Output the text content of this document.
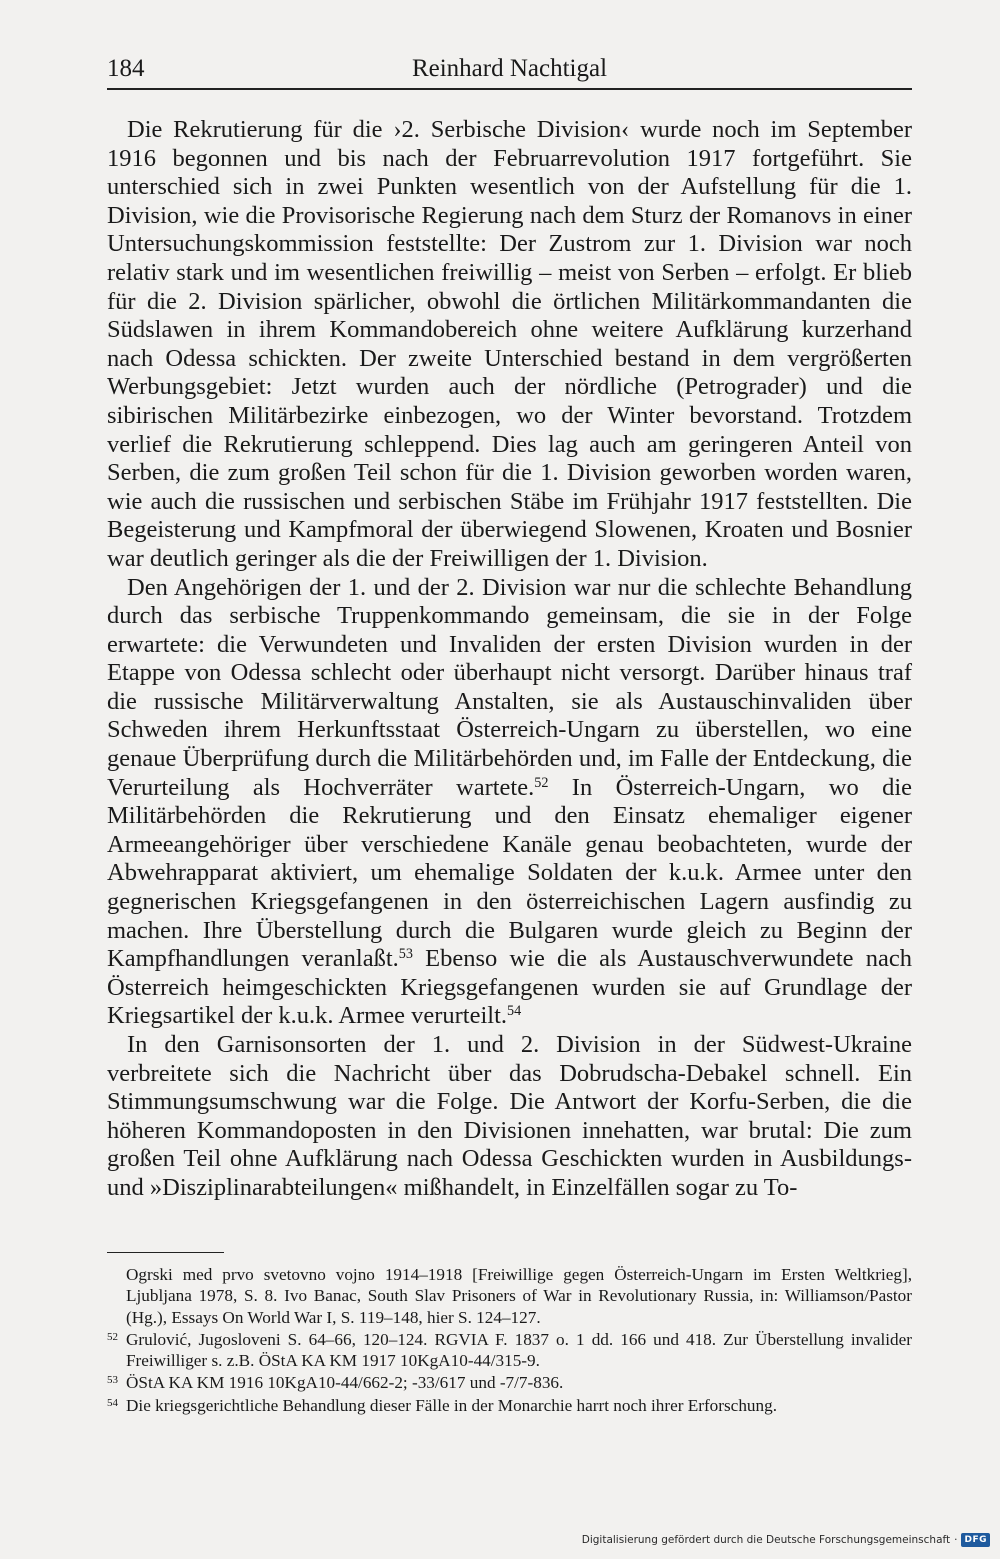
184	Reinhard Nachtigal

Die Rekrutierung für die ›2. Serbische Division‹ wurde noch im September 1916 begonnen und bis nach der Februarrevolution 1917 fortgeführt. Sie unterschied sich in zwei Punkten wesentlich von der Aufstellung für die 1. Division, wie die Provisorische Regierung nach dem Sturz der Romanovs in einer Untersuchungskommission feststellte: Der Zustrom zur 1. Division war noch relativ stark und im wesentlichen freiwillig – meist von Serben – erfolgt. Er blieb für die 2. Division spärlicher, obwohl die örtlichen Militärkommandanten die Südslawen in ihrem Kommandobereich ohne weitere Aufklärung kurzerhand nach Odessa schickten. Der zweite Unterschied bestand in dem vergrößerten Werbungsgebiet: Jetzt wurden auch der nördliche (Petrograder) und die sibirischen Militärbezirke einbezogen, wo der Winter bevorstand. Trotzdem verlief die Rekrutierung schleppend. Dies lag auch am geringeren Anteil von Serben, die zum großen Teil schon für die 1. Division geworben worden waren, wie auch die russischen und serbischen Stäbe im Frühjahr 1917 feststellten. Die Begeisterung und Kampfmoral der überwiegend Slowenen, Kroaten und Bosnier war deutlich geringer als die der Freiwilligen der 1. Division.

Den Angehörigen der 1. und der 2. Division war nur die schlechte Behandlung durch das serbische Truppenkommando gemeinsam, die sie in der Folge erwartete: die Verwundeten und Invaliden der ersten Division wurden in der Etappe von Odessa schlecht oder überhaupt nicht versorgt. Darüber hinaus traf die russische Militärverwaltung Anstalten, sie als Austauschinvaliden über Schweden ihrem Herkunftsstaat Österreich-Ungarn zu überstellen, wo eine genaue Überprüfung durch die Militärbehörden und, im Falle der Entdeckung, die Verurteilung als Hochverräter wartete.$^{52}$ In Österreich-Ungarn, wo die Militärbehörden die Rekrutierung und den Einsatz ehemaliger eigener Armeeangehöriger über verschiedene Kanäle genau beobachteten, wurde der Abwehrapparat aktiviert, um ehemalige Soldaten der k.u.k. Armee unter den gegnerischen Kriegsgefangenen in den österreichischen Lagern ausfindig zu machen. Ihre Überstellung durch die Bulgaren wurde gleich zu Beginn der Kampfhandlungen veranlaßt.$^{53}$ Ebenso wie die als Austauschverwundete nach Österreich heimgeschickten Kriegsgefangenen wurden sie auf Grundlage der Kriegsartikel der k.u.k. Armee verurteilt.$^{54}$

In den Garnisonsorten der 1. und 2. Division in der Südwest-Ukraine verbreitete sich die Nachricht über das Dobrudscha-Debakel schnell. Ein Stimmungsumschwung war die Folge. Die Antwort der Korfu-Serben, die die höheren Kommandoposten in den Divisionen innehatten, war brutal: Die zum großen Teil ohne Aufklärung nach Odessa Geschickten wurden in Ausbildungs- und »Disziplinarabteilungen« mißhandelt, in Einzelfällen sogar zu To-

Ogrski med prvo svetovno vojno 1914–1918 [Freiwillige gegen Österreich-Ungarn im Ersten Weltkrieg], Ljubljana 1978, S. 8. Ivo Banac, South Slav Prisoners of War in Revolutionary Russia, in: Williamson/Pastor (Hg.), Essays On World War I, S. 119–148, hier S. 124–127.
52 Grulović, Jugosloveni S. 64–66, 120–124. RGVIA F. 1837 o. 1 dd. 166 und 418. Zur Überstellung invalider Freiwilliger s. z.B. ÖStA KA KM 1917 10KgA10-44/315-9.
53 ÖStA KA KM 1916 10KgA10-44/662-2; -33/617 und -7/7-836.
54 Die kriegsgerichtliche Behandlung dieser Fälle in der Monarchie harrt noch ihrer Erforschung.
Digitalisierung gefördert durch die Deutsche Forschungsgemeinschaft · DFG
